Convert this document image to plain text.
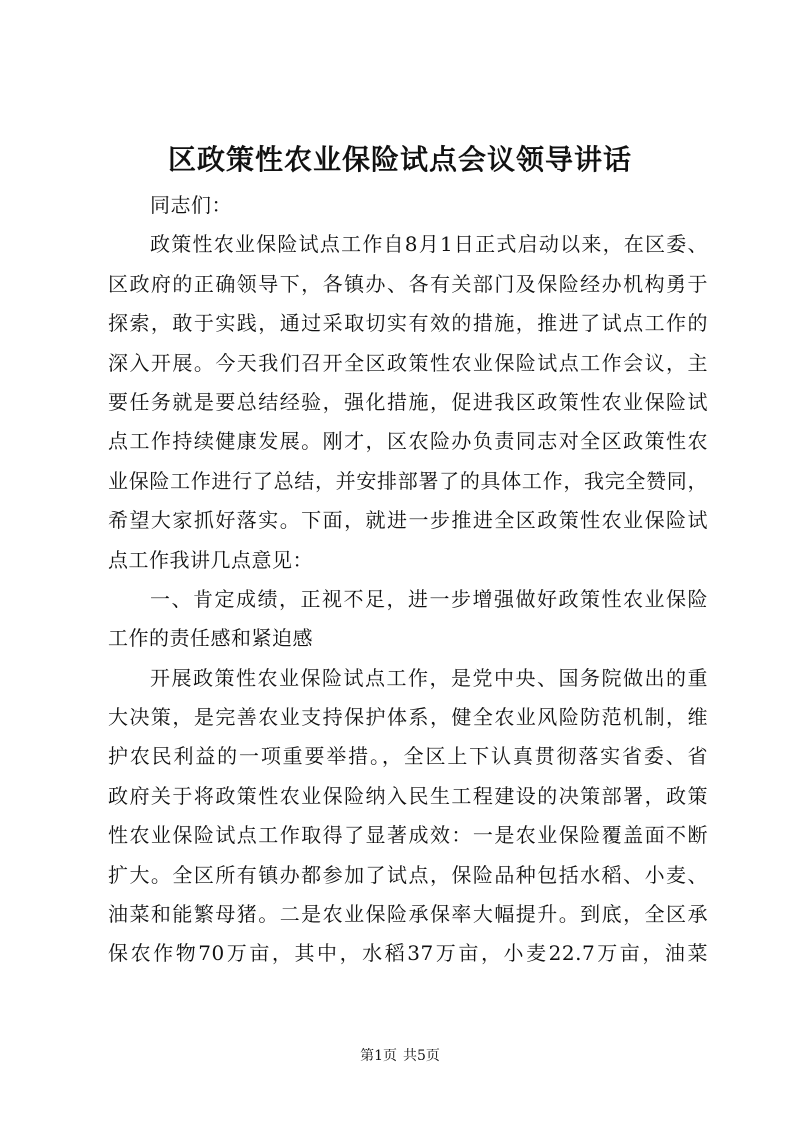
区政策性农业保险试点会议领导讲话
同志们：
政策性农业保险试点工作自8月1日正式启动以来，在区委、
区政府的正确领导下，各镇办、各有关部门及保险经办机构勇于
探索，敢于实践，通过采取切实有效的措施，推进了试点工作的
深入开展。今天我们召开全区政策性农业保险试点工作会议，主
要任务就是要总结经验，强化措施，促进我区政策性农业保险试
点工作持续健康发展。刚才，区农险办负责同志对全区政策性农
业保险工作进行了总结，并安排部署了的具体工作，我完全赞同，
希望大家抓好落实。下面，就进一步推进全区政策性农业保险试
点工作我讲几点意见：
一、肯定成绩，正视不足，进一步增强做好政策性农业保险
工作的责任感和紧迫感
开展政策性农业保险试点工作，是党中央、国务院做出的重
大决策，是完善农业支持保护体系，健全农业风险防范机制，维
护农民利益的一项重要举措。，全区上下认真贯彻落实省委、省
政府关于将政策性农业保险纳入民生工程建设的决策部署，政策
性农业保险试点工作取得了显著成效：一是农业保险覆盖面不断
扩大。全区所有镇办都参加了试点，保险品种包括水稻、小麦、
油菜和能繁母猪。二是农业保险承保率大幅提升。到底，全区承
保农作物70万亩，其中，水稻37万亩，小麦22.7万亩，油菜
第1页 共5页
